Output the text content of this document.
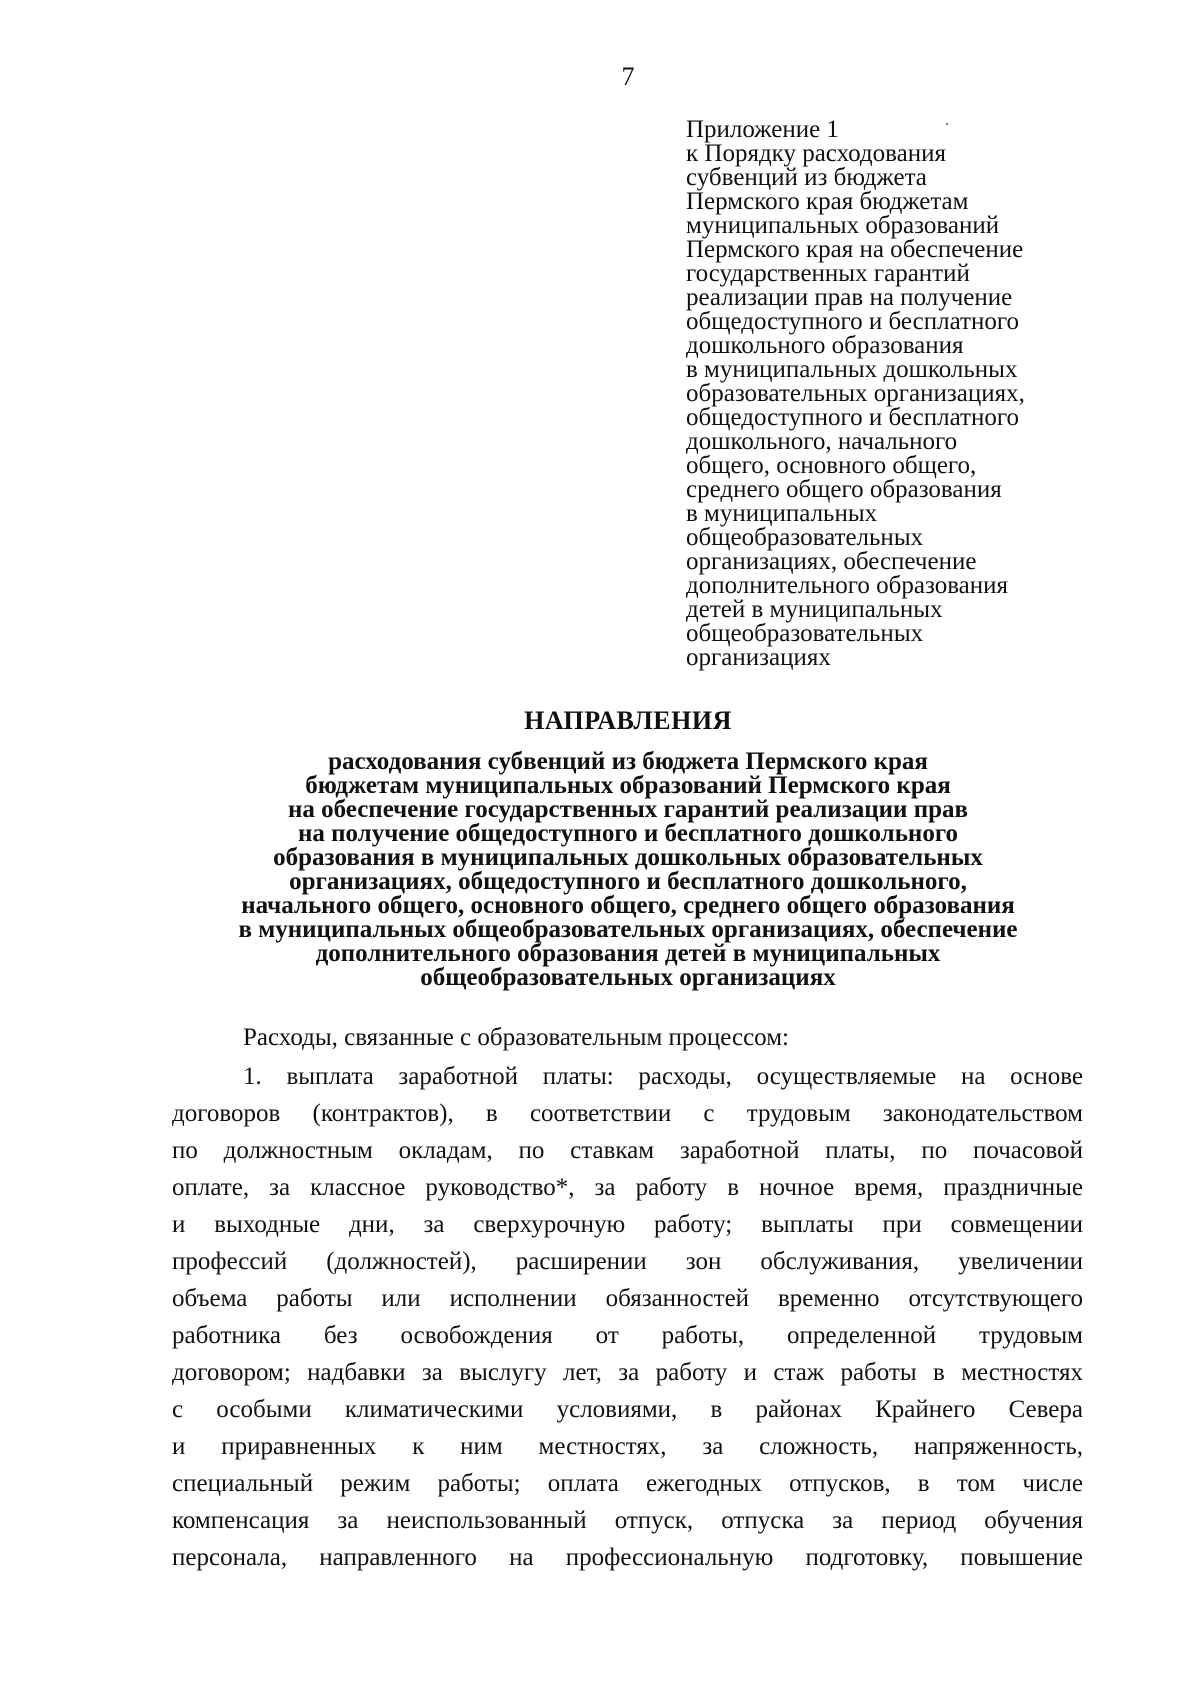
7
Приложение 1
к Порядку расходования
субвенций из бюджета
Пермского края бюджетам
муниципальных образований
Пермского края на обеспечение
государственных гарантий
реализации прав на получение
общедоступного и бесплатного
дошкольного образования
в муниципальных дошкольных
образовательных организациях,
общедоступного и бесплатного
дошкольного, начального
общего, основного общего,
среднего общего образования
в муниципальных
общеобразовательных
организациях, обеспечение
дополнительного образования
детей в муниципальных
общеобразовательных
организациях
НАПРАВЛЕНИЯ
расходования субвенций из бюджета Пермского края
бюджетам муниципальных образований Пермского края
на обеспечение государственных гарантий реализации прав
на получение общедоступного и бесплатного дошкольного
образования в муниципальных дошкольных образовательных
организациях, общедоступного и бесплатного дошкольного,
начального общего, основного общего, среднего общего образования
в муниципальных общеобразовательных организациях, обеспечение
дополнительного образования детей в муниципальных
общеобразовательных организациях
Расходы, связанные с образовательным процессом:
1. выплата заработной платы: расходы, осуществляемые на основе
договоров (контрактов), в соответствии с трудовым законодательством
по должностным окладам, по ставкам заработной платы, по почасовой
оплате, за классное руководство*, за работу в ночное время, праздничные
и выходные дни, за сверхурочную работу; выплаты при совмещении
профессий (должностей), расширении зон обслуживания, увеличении
объема работы или исполнении обязанностей временно отсутствующего
работника без освобождения от работы, определенной трудовым
договором; надбавки за выслугу лет, за работу и стаж работы в местностях
с особыми климатическими условиями, в районах Крайнего Севера
и приравненных к ним местностях, за сложность, напряженность,
специальный режим работы; оплата ежегодных отпусков, в том числе
компенсация за неиспользованный отпуск, отпуска за период обучения
персонала, направленного на профессиональную подготовку, повышение
